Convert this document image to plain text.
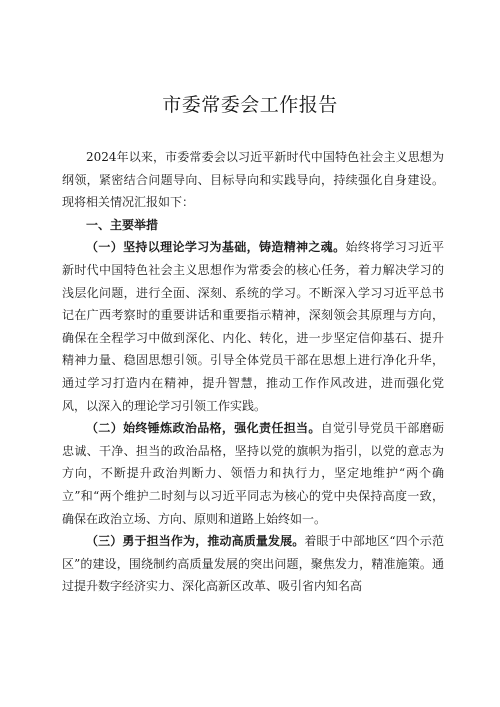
市委常委会工作报告

2024年以来，市委常委会以习近平新时代中国特色社会主义思想为纲领，紧密结合问题导向、目标导向和实践导向，持续强化自身建设。现将相关情况汇报如下：

一、主要举措

（一）坚持以理论学习为基础，铸造精神之魂。始终将学习习近平新时代中国特色社会主义思想作为常委会的核心任务，着力解决学习的浅层化问题，进行全面、深刻、系统的学习。不断深入学习习近平总书记在广西考察时的重要讲话和重要指示精神，深刻领会其原理与方向，确保在全程学习中做到深化、内化、转化，进一步坚定信仰基石、提升精神力量、稳固思想引领。引导全体党员干部在思想上进行净化升华，通过学习打造内在精神，提升智慧，推动工作作风改进，进而强化党风，以深入的理论学习引领工作实践。

（二）始终锤炼政治品格，强化责任担当。自觉引导党员干部磨砺忠诚、干净、担当的政治品格，坚持以党的旗帜为指引，以党的意志为方向，不断提升政治判断力、领悟力和执行力，坚定地维护“两个确立”和“两个维护二时刻与以习近平同志为核心的党中央保持高度一致，确保在政治立场、方向、原则和道路上始终如一。

（三）勇于担当作为，推动高质量发展。着眼于中部地区“四个示范区”的建设，围绕制约高质量发展的突出问题，聚焦发力，精准施策。通过提升数字经济实力、深化高新区改革、吸引省内知名高
